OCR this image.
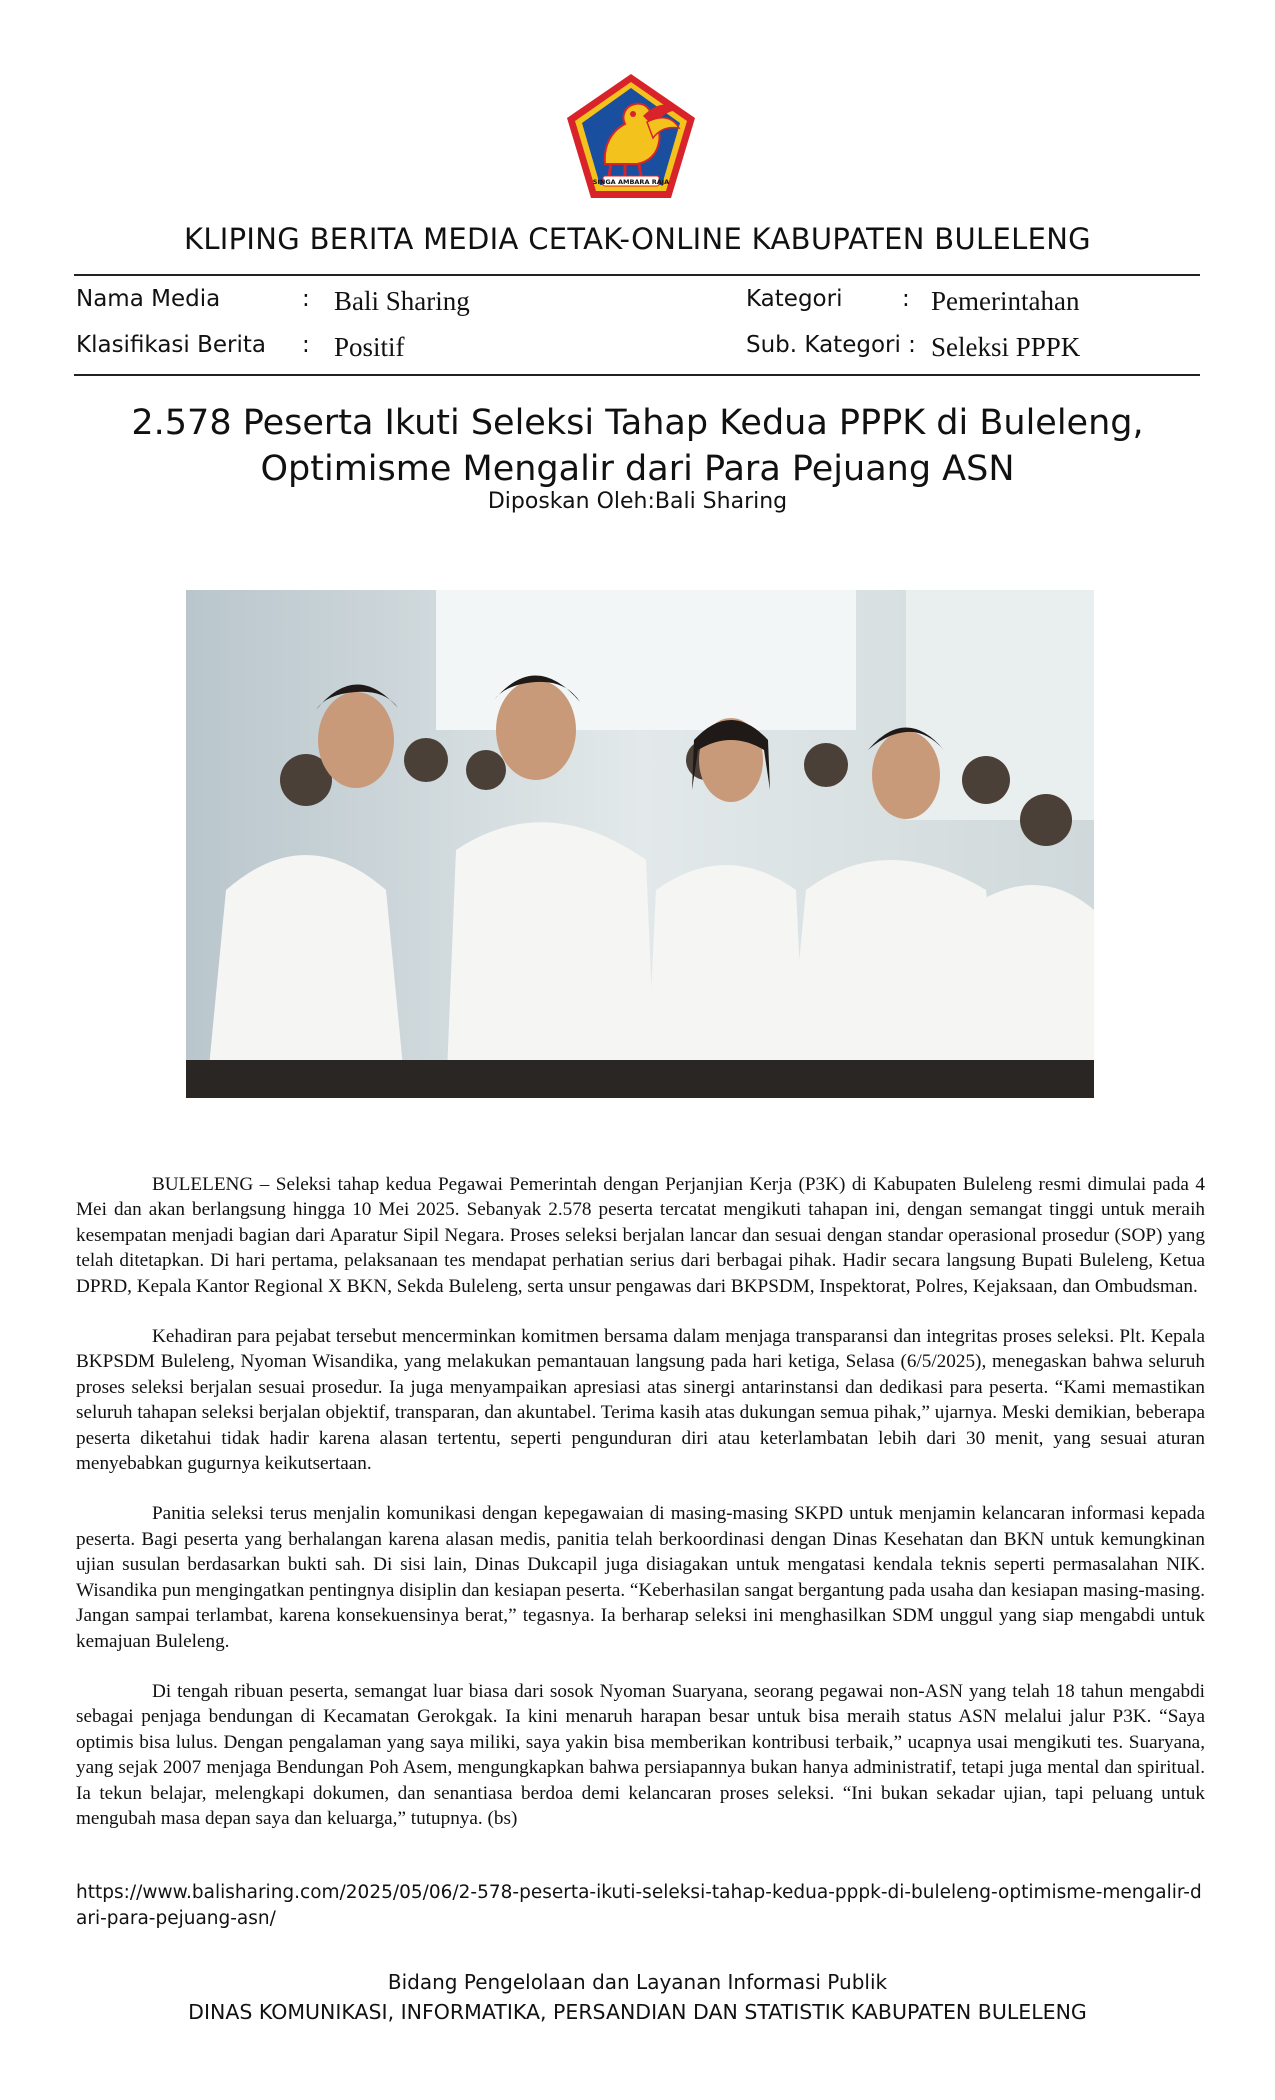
SINGA AMBARA RAJA
KLIPING BERITA MEDIA CETAK-ONLINE KABUPATEN BULELENG
Nama Media	: Bali Sharing	Kategori	: Pemerintahan
Klasifikasi Berita : Positif	Sub. Kategori : Seleksi PPPK
2.578 Peserta Ikuti Seleksi Tahap Kedua PPPK di Buleleng,
Optimisme Mengalir dari Para Pejuang ASN
Diposkan Oleh:Bali Sharing

BULELENG – Seleksi tahap kedua Pegawai Pemerintah dengan Perjanjian Kerja (P3K) di Kabupaten Buleleng resmi dimulai pada 4 Mei dan akan berlangsung hingga 10 Mei 2025. Sebanyak 2.578 peserta tercatat mengikuti tahapan ini, dengan semangat tinggi untuk meraih kesempatan menjadi bagian dari Aparatur Sipil Negara. Proses seleksi berjalan lancar dan sesuai dengan standar operasional prosedur (SOP) yang telah ditetapkan. Di hari pertama, pelaksanaan tes mendapat perhatian serius dari berbagai pihak. Hadir secara langsung Bupati Buleleng, Ketua DPRD, Kepala Kantor Regional X BKN, Sekda Buleleng, serta unsur pengawas dari BKPSDM, Inspektorat, Polres, Kejaksaan, dan Ombudsman.

Kehadiran para pejabat tersebut mencerminkan komitmen bersama dalam menjaga transparansi dan integritas proses seleksi. Plt. Kepala BKPSDM Buleleng, Nyoman Wisandika, yang melakukan pemantauan langsung pada hari ketiga, Selasa (6/5/2025), menegaskan bahwa seluruh proses seleksi berjalan sesuai prosedur. Ia juga menyampaikan apresiasi atas sinergi antarinstansi dan dedikasi para peserta. “Kami memastikan seluruh tahapan seleksi berjalan objektif, transparan, dan akuntabel. Terima kasih atas dukungan semua pihak,” ujarnya. Meski demikian, beberapa peserta diketahui tidak hadir karena alasan tertentu, seperti pengunduran diri atau keterlambatan lebih dari 30 menit, yang sesuai aturan menyebabkan gugurnya keikutsertaan.

Panitia seleksi terus menjalin komunikasi dengan kepegawaian di masing-masing SKPD untuk menjamin kelancaran informasi kepada peserta. Bagi peserta yang berhalangan karena alasan medis, panitia telah berkoordinasi dengan Dinas Kesehatan dan BKN untuk kemungkinan ujian susulan berdasarkan bukti sah. Di sisi lain, Dinas Dukcapil juga disiagakan untuk mengatasi kendala teknis seperti permasalahan NIK. Wisandika pun mengingatkan pentingnya disiplin dan kesiapan peserta. “Keberhasilan sangat bergantung pada usaha dan kesiapan masing-masing. Jangan sampai terlambat, karena konsekuensinya berat,” tegasnya. Ia berharap seleksi ini menghasilkan SDM unggul yang siap mengabdi untuk kemajuan Buleleng.

Di tengah ribuan peserta, semangat luar biasa dari sosok Nyoman Suaryana, seorang pegawai non-ASN yang telah 18 tahun mengabdi sebagai penjaga bendungan di Kecamatan Gerokgak. Ia kini menaruh harapan besar untuk bisa meraih status ASN melalui jalur P3K. “Saya optimis bisa lulus. Dengan pengalaman yang saya miliki, saya yakin bisa memberikan kontribusi terbaik,” ucapnya usai mengikuti tes. Suaryana, yang sejak 2007 menjaga Bendungan Poh Asem, mengungkapkan bahwa persiapannya bukan hanya administratif, tetapi juga mental dan spiritual. Ia tekun belajar, melengkapi dokumen, dan senantiasa berdoa demi kelancaran proses seleksi. “Ini bukan sekadar ujian, tapi peluang untuk mengubah masa depan saya dan keluarga,” tutupnya. (bs)

https://www.balisharing.com/2025/05/06/2-578-peserta-ikuti-seleksi-tahap-kedua-pppk-di-buleleng-optimisme-mengalir-dari-para-pejuang-asn/
Bidang Pengelolaan dan Layanan Informasi Publik
DINAS KOMUNIKASI, INFORMATIKA, PERSANDIAN DAN STATISTIK KABUPATEN BULELENG
